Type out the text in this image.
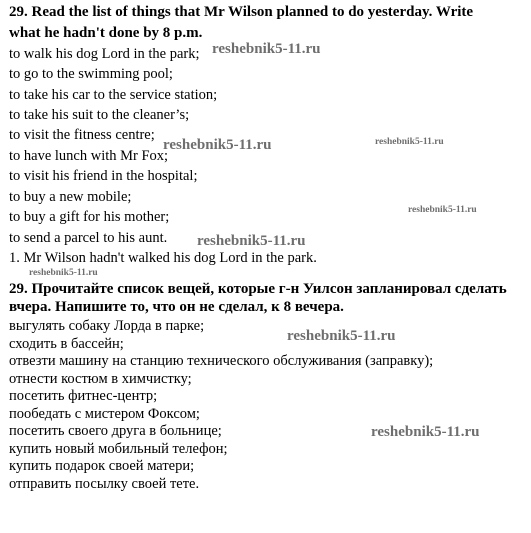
29. Read the list of things that Mr Wilson planned to do yesterday. Write
what he hadn't done by 8 p.m.
to walk his dog Lord in the park;
to go to the swimming pool;
to take his car to the service station;
to take his suit to the cleaner’s;
to visit the fitness centre;
to have lunch with Mr Fox;
to visit his friend in the hospital;
to buy a new mobile;
to buy a gift for his mother;
to send a parcel to his aunt.
1. Mr Wilson hadn't walked his dog Lord in the park.
29. Прочитайте список вещей, которые г-н Уилсон запланировал сделать
вчера. Напишите то, что он не сделал, к 8 вечера.
выгулять собаку Лорда в парке;
сходить в бассейн;
отвезти машину на станцию технического обслуживания (заправку);
отнести костюм в химчистку;
посетить фитнес-центр;
пообедать с мистером Фоксом;
посетить своего друга в больнице;
купить новый мобильный телефон;
купить подарок своей матери;
отправить посылку своей тете.
reshebnik5-11.ru
reshebnik5-11.ru
reshebnik5-11.ru
reshebnik5-11.ru
reshebnik5-11.ru
reshebnik5-11.ru
reshebnik5-11.ru
reshebnik5-11.ru
